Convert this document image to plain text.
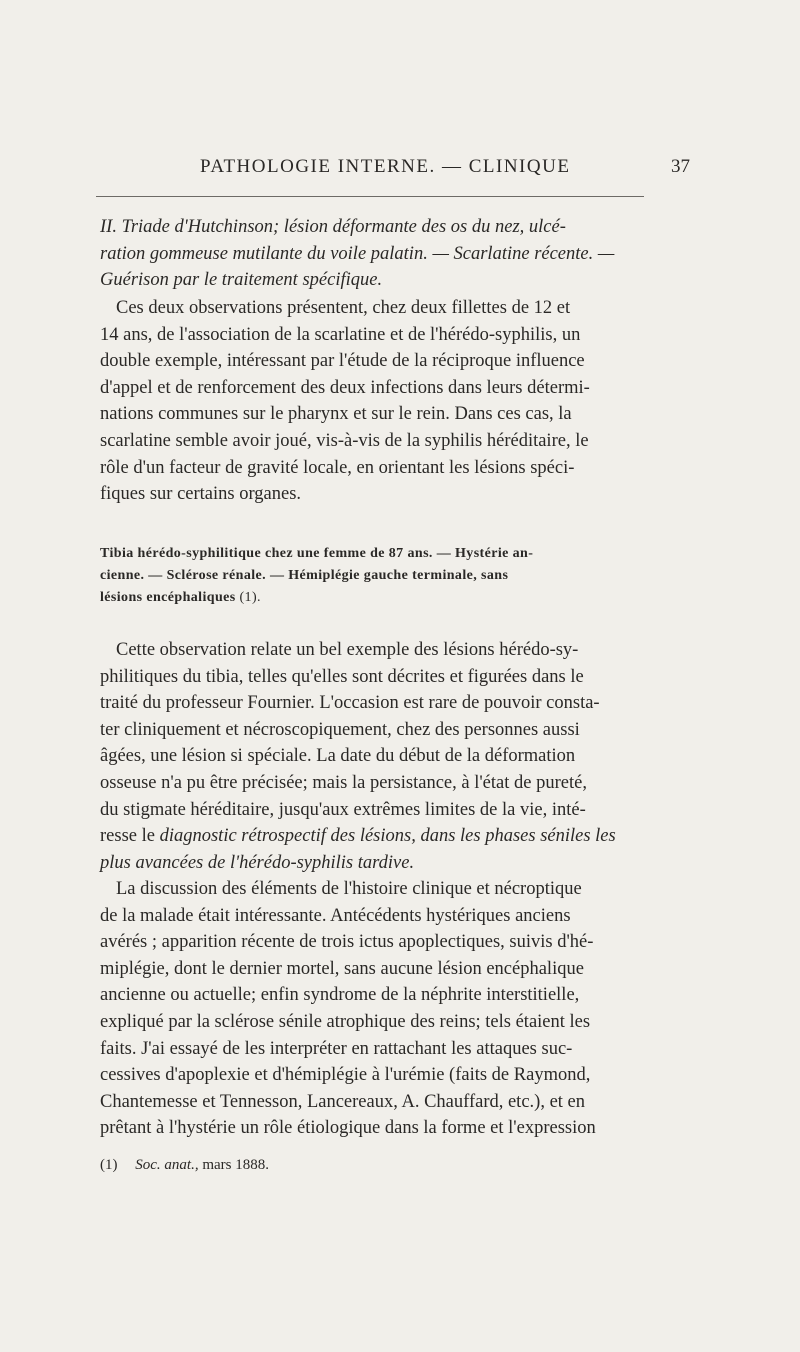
PATHOLOGIE INTERNE. — CLINIQUE	37
II. Triade d'Hutchinson; lésion déformante des os du nez, ulcé-
ration gommeuse mutilante du voile palatin. — Scarlatine récente. —
Guérison par le traitement spécifique.
Ces deux observations présentent, chez deux fillettes de 12 et
14 ans, de l'association de la scarlatine et de l'hérédo-syphilis, un
double exemple, intéressant par l'étude de la réciproque influence
d'appel et de renforcement des deux infections dans leurs détermi-
nations communes sur le pharynx et sur le rein. Dans ces cas, la
scarlatine semble avoir joué, vis-à-vis de la syphilis héréditaire, le
rôle d'un facteur de gravité locale, en orientant les lésions spéci-
fiques sur certains organes.
Tibia hérédo-syphilitique chez une femme de 87 ans. — Hystérie an-
cienne. — Sclérose rénale. — Hémiplégie gauche terminale, sans
lésions encéphaliques (1).
Cette observation relate un bel exemple des lésions hérédo-sy-
philitiques du tibia, telles qu'elles sont décrites et figurées dans le
traité du professeur Fournier. L'occasion est rare de pouvoir consta-
ter cliniquement et nécroscopiquement, chez des personnes aussi
âgées, une lésion si spéciale. La date du début de la déformation
osseuse n'a pu être précisée; mais la persistance, à l'état de pureté,
du stigmate héréditaire, jusqu'aux extrêmes limites de la vie, inté-
resse le diagnostic rétrospectif des lésions, dans les phases séniles les
plus avancées de l'hérédo-syphilis tardive.
La discussion des éléments de l'histoire clinique et nécroptique
de la malade était intéressante. Antécédents hystériques anciens
avérés ; apparition récente de trois ictus apoplectiques, suivis d'hé-
miplégie, dont le dernier mortel, sans aucune lésion encéphalique
ancienne ou actuelle; enfin syndrome de la néphrite interstitielle,
expliqué par la sclérose sénile atrophique des reins; tels étaient les
faits. J'ai essayé de les interpréter en rattachant les attaques suc-
cessives d'apoplexie et d'hémiplégie à l'urémie (faits de Raymond,
Chantemesse et Tennesson, Lancereaux, A. Chauffard, etc.), et en
prêtant à l'hystérie un rôle étiologique dans la forme et l'expression
(1) Soc. anat., mars 1888.
